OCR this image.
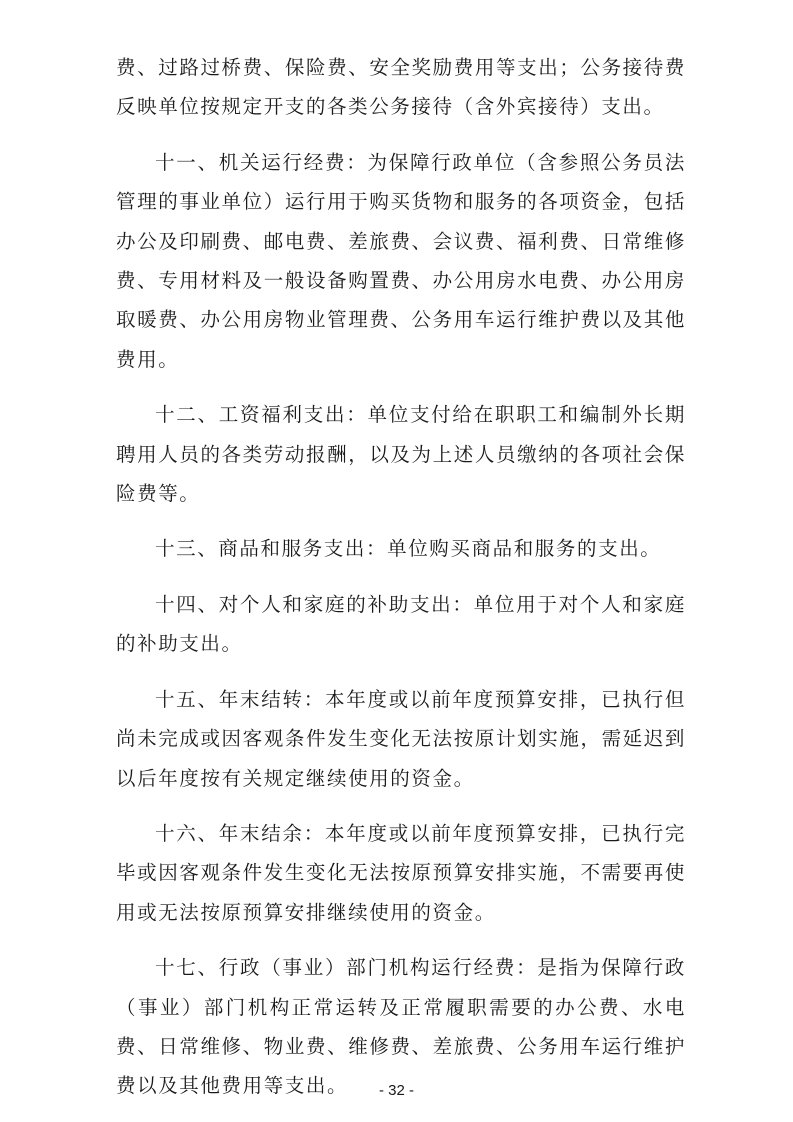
费、过路过桥费、保险费、安全奖励费用等支出；公务接待费反映单位按规定开支的各类公务接待（含外宾接待）支出。

十一、机关运行经费：为保障行政单位（含参照公务员法管理的事业单位）运行用于购买货物和服务的各项资金，包括办公及印刷费、邮电费、差旅费、会议费、福利费、日常维修费、专用材料及一般设备购置费、办公用房水电费、办公用房取暖费、办公用房物业管理费、公务用车运行维护费以及其他费用。

十二、工资福利支出：单位支付给在职职工和编制外长期聘用人员的各类劳动报酬，以及为上述人员缴纳的各项社会保险费等。

十三、商品和服务支出：单位购买商品和服务的支出。

十四、对个人和家庭的补助支出：单位用于对个人和家庭的补助支出。

十五、年末结转：本年度或以前年度预算安排，已执行但尚未完成或因客观条件发生变化无法按原计划实施，需延迟到以后年度按有关规定继续使用的资金。

十六、年末结余：本年度或以前年度预算安排，已执行完毕或因客观条件发生变化无法按原预算安排实施，不需要再使用或无法按原预算安排继续使用的资金。

十七、行政（事业）部门机构运行经费：是指为保障行政（事业）部门机构正常运转及正常履职需要的办公费、水电费、日常维修、物业费、维修费、差旅费、公务用车运行维护费以及其他费用等支出。	- 32 -
